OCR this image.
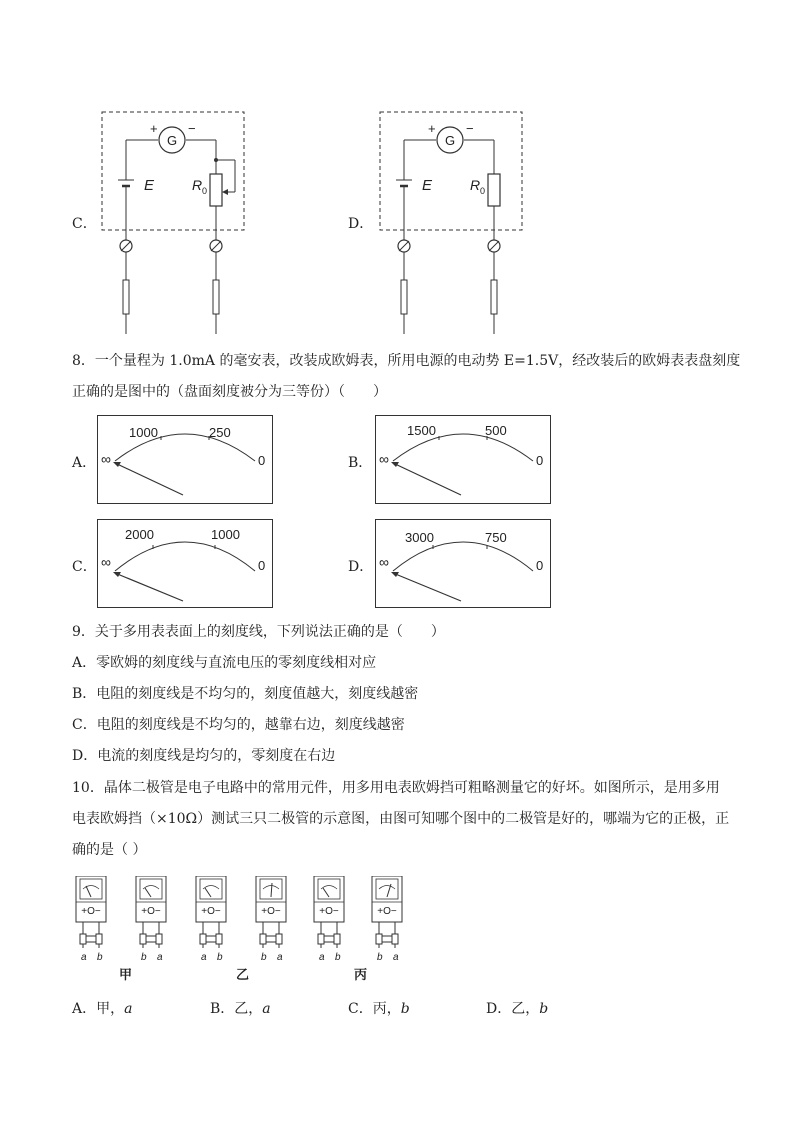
C．
G
+ −
E	R 0
D．
G
+ −
E	R 0
8．一个量程为 1.0mA 的毫安表，改装成欧姆表，所用电源的电动势 E=1.5V，经改装后的欧姆表表盘刻度
正确的是图中的（盘面刻度被分为三等份）（　　）
A． ∞
1000	250
0	B． ∞
1500	500
0
C． ∞
2000	1000
0	D． ∞
3000	750
0
9．关于多用表表面上的刻度线，下列说法正确的是（　　）
A．零欧姆的刻度线与直流电压的零刻度线相对应
B．电阻的刻度线是不均匀的，刻度值越大，刻度线越密
C．电阻的刻度线是不均匀的，越靠右边，刻度线越密
D．电流的刻度线是均匀的，零刻度在右边
10．晶体二极管是电子电路中的常用元件，用多用电表欧姆挡可粗略测量它的好坏。如图所示，是用多用
电表欧姆挡（×10Ω）测试三只二极管的示意图，由图可知哪个图中的二极管是好的，哪端为它的正极，正
确的是（ ）
+O−
a b
+O−
b a
+O−
a b
+O−
b a
+O−
a b
+O−
b a
甲	乙	丙
A．甲，a	B．乙，a	C．丙，b	D．乙，b
